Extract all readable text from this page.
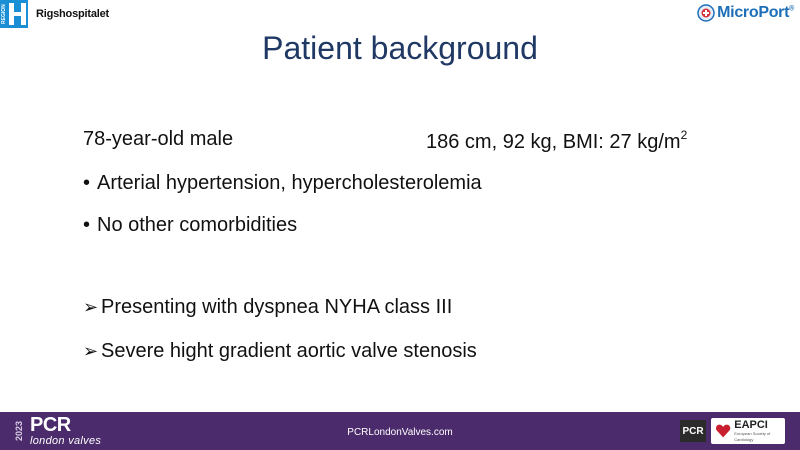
REGION	Rigshospitalet	MicroPort®
Patient background
78-year-old male	186 cm, 92 kg, BMI: 27 $kg/m^2$
• Arterial hypertension, hypercholesterolemia
• No other comorbidities
➢ Presenting with dyspnea NYHA class III
➢ Severe hight gradient aortic valve stenosis
2023 PCR
london valves
PCRLondonValves.com	PCR	EAPCI
European Society of Cardiology
